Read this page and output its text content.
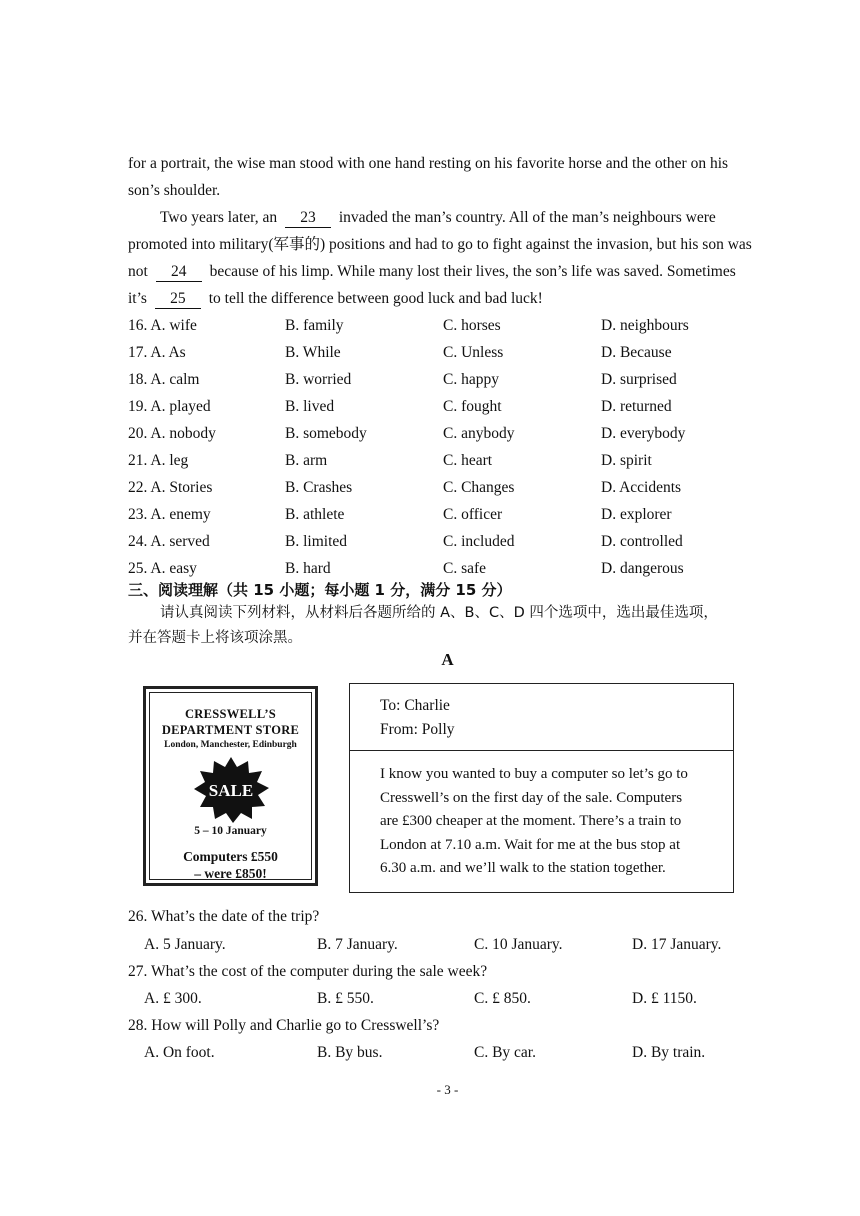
for a portrait, the wise man stood with one hand resting on his favorite horse and the other on his
son’s shoulder.
Two years later, an 23 invaded the man’s country. All of the man’s neighbours were
promoted into military(军事的) positions and had to go to fight against the invasion, but his son was
not 24 because of his limp. While many lost their lives, the son’s life was saved. Sometimes
it’s 25 to tell the difference between good luck and bad luck!
16. A. wife	B. family	C. horses	D. neighbours
17. A. As	B. While	C. Unless	D. Because
18. A. calm	B. worried	C. happy	D. surprised
19. A. played	B. lived	C. fought	D. returned
20. A. nobody	B. somebody	C. anybody	D. everybody
21. A. leg	B. arm	C. heart	D. spirit
22. A. Stories	B. Crashes	C. Changes	D. Accidents
23. A. enemy	B. athlete	C. officer	D. explorer
24. A. served	B. limited	C. included	D. controlled
25. A. easy	B. hard	C. safe	D. dangerous
三、阅读理解（共 15 小题；每小题 1 分，满分 15 分）
请认真阅读下列材料，从材料后各题所给的 A、B、C、D 四个选项中，选出最佳选项，
并在答题卡上将该项涂黑。
A
CRESSWELL’S
DEPARTMENT STORE
London, Manchester, Edinburgh
SALE
5 – 10 January
Computers £550
– were £850!
To: Charlie
From: Polly
I know you wanted to buy a computer so let’s go to
Cresswell’s on the first day of the sale. Computers
are £300 cheaper at the moment. There’s a train to
London at 7.10 a.m. Wait for me at the bus stop at
6.30 a.m. and we’ll walk to the station together.
26. What’s the date of the trip?
A. 5 January.	B. 7 January.	C. 10 January.	D. 17 January.
27. What’s the cost of the computer during the sale week?
A. £ 300.	B. £ 550.	C. £ 850.	D. £ 1150.
28. How will Polly and Charlie go to Cresswell’s?
A. On foot.	B. By bus.	C. By car.	D. By train.
- 3 -
